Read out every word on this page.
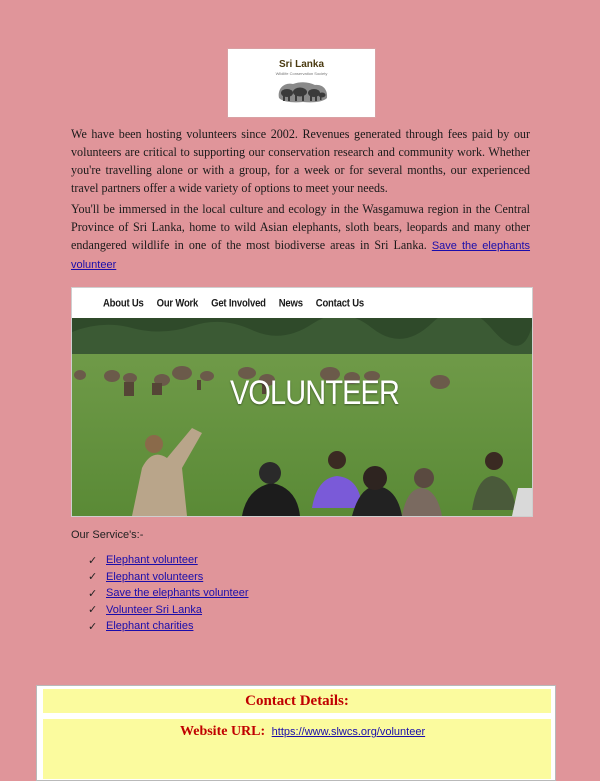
Sri Lanka
Wildlife Conservation Society

We have been hosting volunteers since 2002. Revenues generated through fees paid by our volunteers are critical to supporting our conservation research and community work. Whether you're travelling alone or with a group, for a week or for several months, our experienced travel partners offer a wide variety of options to meet your needs.

You'll be immersed in the local culture and ecology in the Wasgamuwa region in the Central Province of Sri Lanka, home to wild Asian elephants, sloth bears, leopards and many other endangered wildlife in one of the most biodiverse areas in Sri Lanka. Save the elephants volunteer

About Us Our Work Get Involved News Contact Us
VOLUNTEER
Our Service's:-
✓ Elephant volunteer
✓ Elephant volunteers
✓ Save the elephants volunteer
✓ Volunteer Sri Lanka
✓ Elephant charities
Contact Details:
Website URL: https://www.slwcs.org/volunteer
